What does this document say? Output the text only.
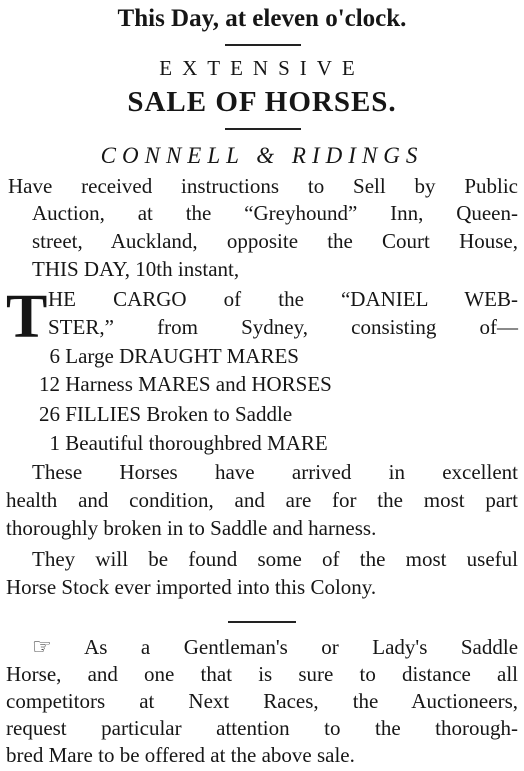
This Day, at eleven o'clock.
EXTENSIVE
SALE OF HORSES.
CONNELL & RIDINGS
Have received instructions to Sell by Public
Auction, at the “Greyhound” Inn, Queen-
street, Auckland, opposite the Court House,
THIS DAY, 10th instant,
T HE CARGO of the “DANIEL WEB-
STER,” from Sydney, consisting of—
6 Large DRAUGHT MARES
12 Harness MARES and HORSES
26 FILLIES Broken to Saddle
1 Beautiful thoroughbred MARE
These Horses have arrived in excellent
health and condition, and are for the most part
thoroughly broken in to Saddle and harness.
They will be found some of the most useful
Horse Stock ever imported into this Colony.
☞ As a Gentleman's or Lady's Saddle
Horse, and one that is sure to distance all
competitors at Next Races, the Auctioneers,
request particular attention to the thorough-
bred Mare to be offered at the above sale.
